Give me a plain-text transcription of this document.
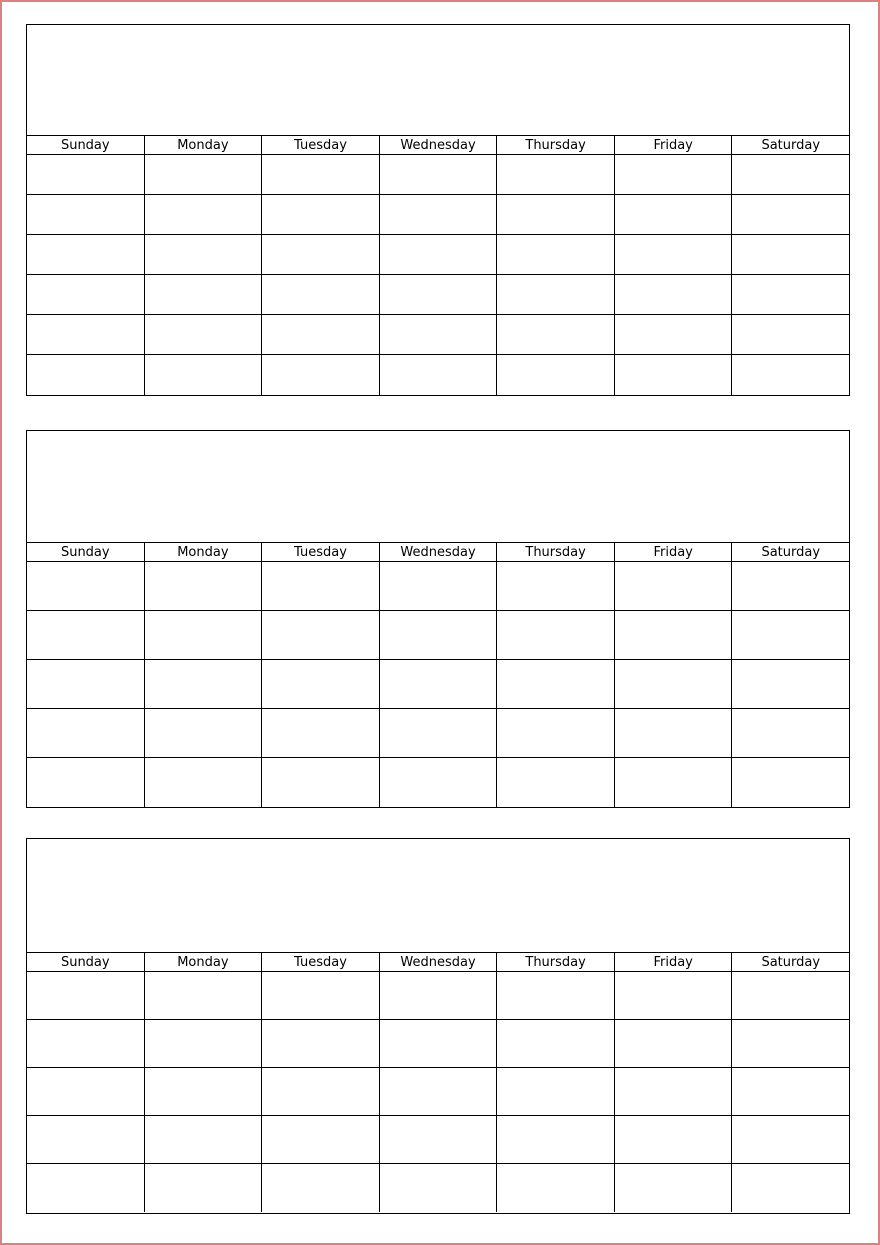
Sunday	Monday	Tuesday	Wednesday	Thursday	Friday	Saturday
Sunday	Monday	Tuesday	Wednesday	Thursday	Friday	Saturday
Sunday	Monday	Tuesday	Wednesday	Thursday	Friday	Saturday
